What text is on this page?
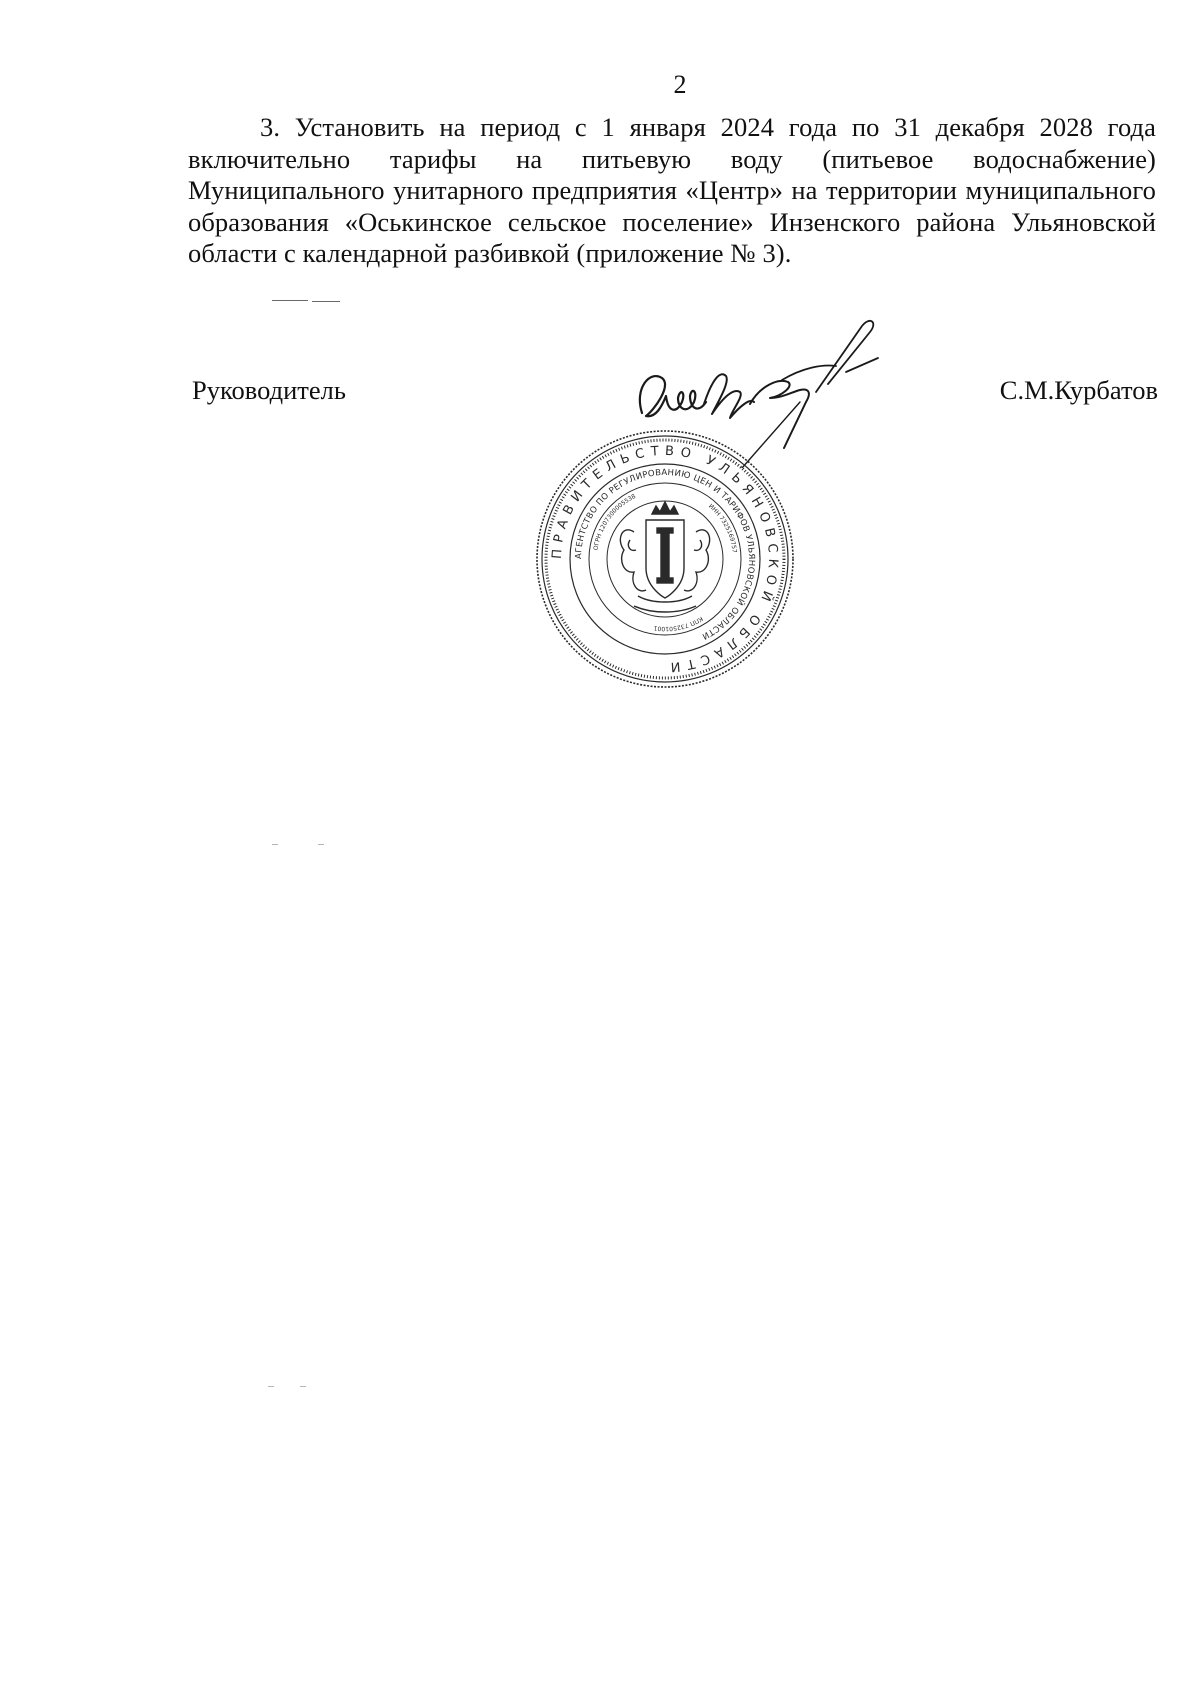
2

3. Установить на период с 1 января 2024 года по 31 декабря 2028 года включительно тарифы на питьевую воду (питьевое водоснабжение) Муниципального унитарного предприятия «Центр» на территории муниципального образования «Оськинское сельское поселение» Инзенского района Ульяновской области с календарной разбивкой (приложение № 3).

Руководитель	С.М.Курбатов
ПРАВИТЕЛЬСТВО УЛЬЯНОВСКОЙ ОБЛАСТИ
АГЕНТСТВО ПО РЕГУЛИРОВАНИЮ ЦЕН И ТАРИФОВ УЛЬЯНОВСКОЙ ОБЛАСТИ
ОГРН 1207300005538
ИНН 7325169757
КПП 732501001
